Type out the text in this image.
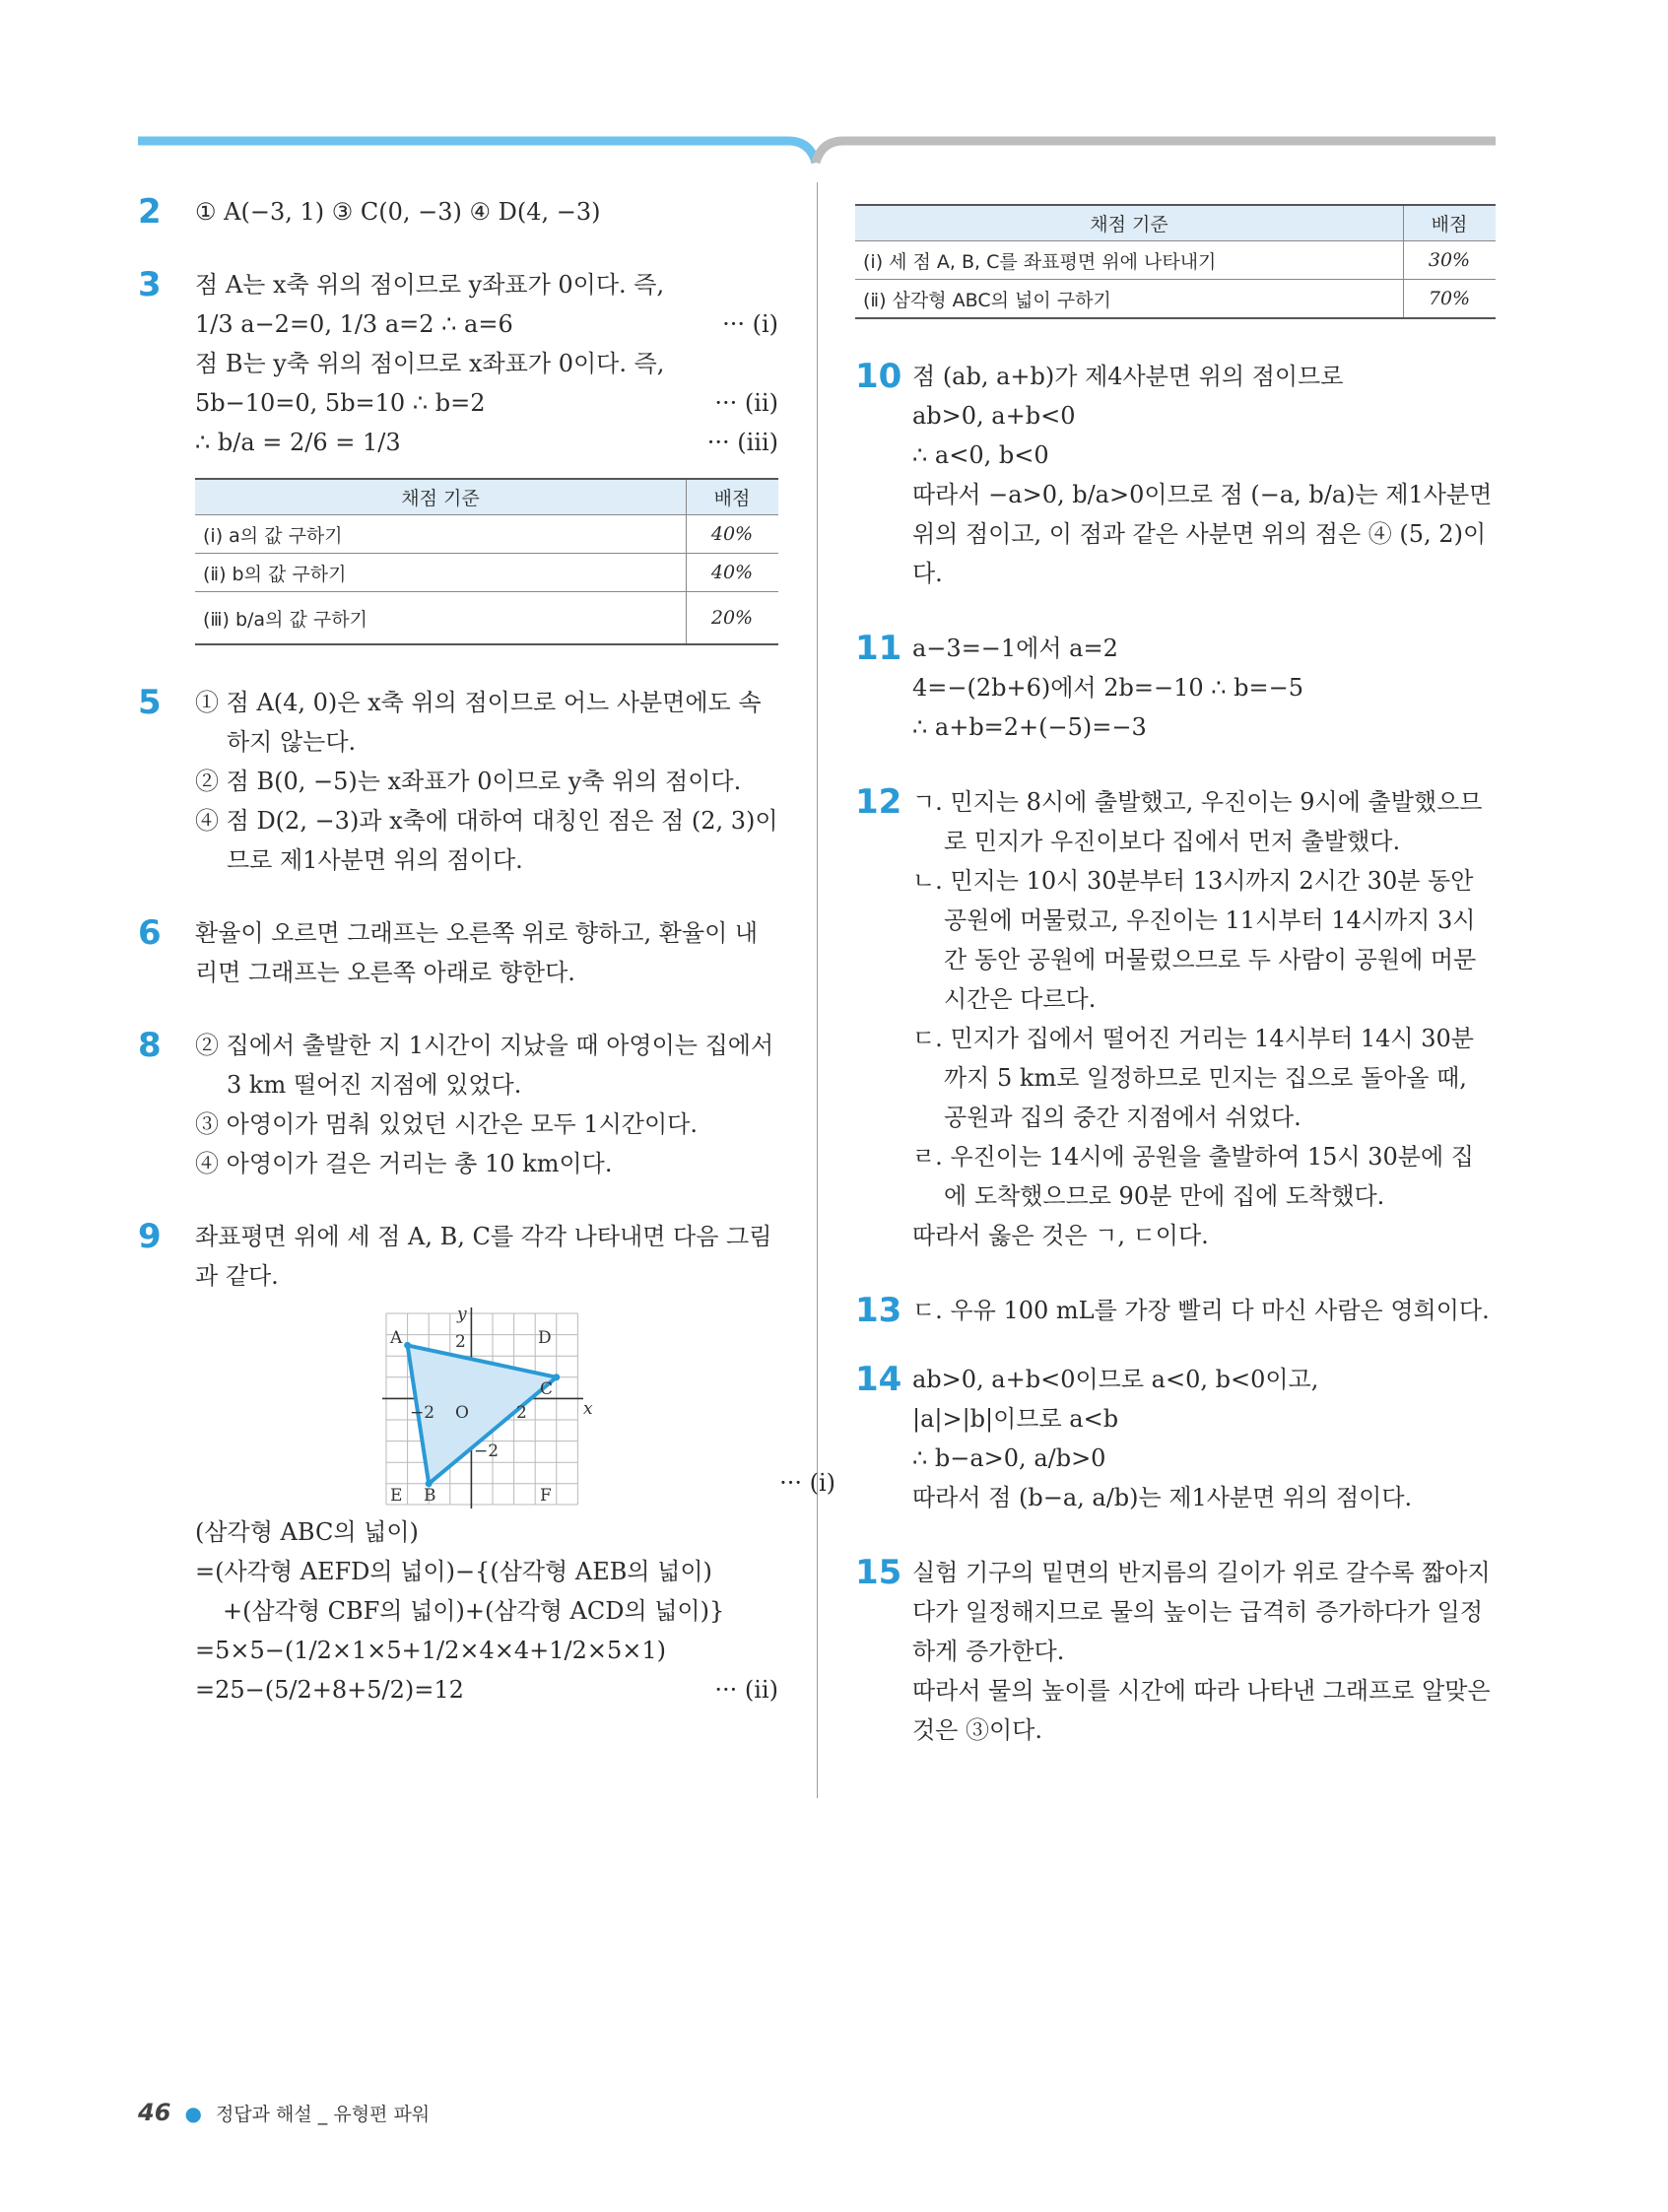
2 ① A(−3, 1) ③ C(0, −3) ④ D(4, −3)
3 점 A는 x축 위의 점이므로 y좌표가 0이다. 즉,
1/3 a−2=0, 1/3 a=2 ∴ a=6	··· (ⅰ)
점 B는 y축 위의 점이므로 x좌표가 0이다. 즉,
5b−10=0, 5b=10 ∴ b=2	··· (ⅱ)
∴ b/a = 2/6 = 1/3	··· (ⅲ)
채점 기준	배점
(ⅰ) a의 값 구하기	40%
(ⅱ) b의 값 구하기	40%
(ⅲ) b/a의 값 구하기	20%
5 ① 점 A(4, 0)은 x축 위의 점이므로 어느 사분면에도 속하지 않는다.
② 점 B(0, −5)는 x좌표가 0이므로 y축 위의 점이다.
④ 점 D(2, −3)과 x축에 대하여 대칭인 점은 점 (2, 3)이므로 제1사분면 위의 점이다.
6 환율이 오르면 그래프는 오른쪽 위로 향하고, 환율이 내리면 그래프는 오른쪽 아래로 향한다.
8 ② 집에서 출발한 지 1시간이 지났을 때 아영이는 집에서 3 km 떨어진 지점에 있었다.
③ 아영이가 멈춰 있었던 시간은 모두 1시간이다.
④ 아영이가 걸은 거리는 총 10 km이다.
9 좌표평면 위에 세 점 A, B, C를 각각 나타내면 다음 그림과 같다.
y
x
O
2
2
−2
−2
A	D
C
E B	F	··· (ⅰ)
(삼각형 ABC의 넓이)
=(사각형 AEFD의 넓이)−{(삼각형 AEB의 넓이)
+(삼각형 CBF의 넓이)+(삼각형 ACD의 넓이)}
=5×5−(1/2×1×5+1/2×4×4+1/2×5×1)
=25−(5/2+8+5/2)=12	··· (ⅱ)
채점 기준	배점
(ⅰ) 세 점 A, B, C를 좌표평면 위에 나타내기	30%
(ⅱ) 삼각형 ABC의 넓이 구하기	70%
10 점 (ab, a+b)가 제4사분면 위의 점이므로
ab>0, a+b<0
∴ a<0, b<0
따라서 −a>0, b/a>0이므로 점 (−a, b/a)는 제1사분면
위의 점이고, 이 점과 같은 사분면 위의 점은 ④ (5, 2)이다.
11 a−3=−1에서 a=2
4=−(2b+6)에서 2b=−10 ∴ b=−5
∴ a+b=2+(−5)=−3
12 ㄱ. 민지는 8시에 출발했고, 우진이는 9시에 출발했으므로 민지가 우진이보다 집에서 먼저 출발했다.
ㄴ. 민지는 10시 30분부터 13시까지 2시간 30분 동안 공원에 머물렀고, 우진이는 11시부터 14시까지 3시간 동안 공원에 머물렀으므로 두 사람이 공원에 머문 시간은 다르다.
ㄷ. 민지가 집에서 떨어진 거리는 14시부터 14시 30분까지 5 km로 일정하므로 민지는 집으로 돌아올 때, 공원과 집의 중간 지점에서 쉬었다.
ㄹ. 우진이는 14시에 공원을 출발하여 15시 30분에 집에 도착했으므로 90분 만에 집에 도착했다.
따라서 옳은 것은 ㄱ, ㄷ이다.
13 ㄷ. 우유 100 mL를 가장 빨리 다 마신 사람은 영희이다.
14 ab>0, a+b<0이므로 a<0, b<0이고,
|a|>|b|이므로 a<b
∴ b−a>0, a/b>0
따라서 점 (b−a, a/b)는 제1사분면 위의 점이다.
15 실험 기구의 밑면의 반지름의 길이가 위로 갈수록 짧아지다가 일정해지므로 물의 높이는 급격히 증가하다가 일정하게 증가한다.
따라서 물의 높이를 시간에 따라 나타낸 그래프로 알맞은 것은 ③이다.
46 ● 정답과 해설 _ 유형편 파워
